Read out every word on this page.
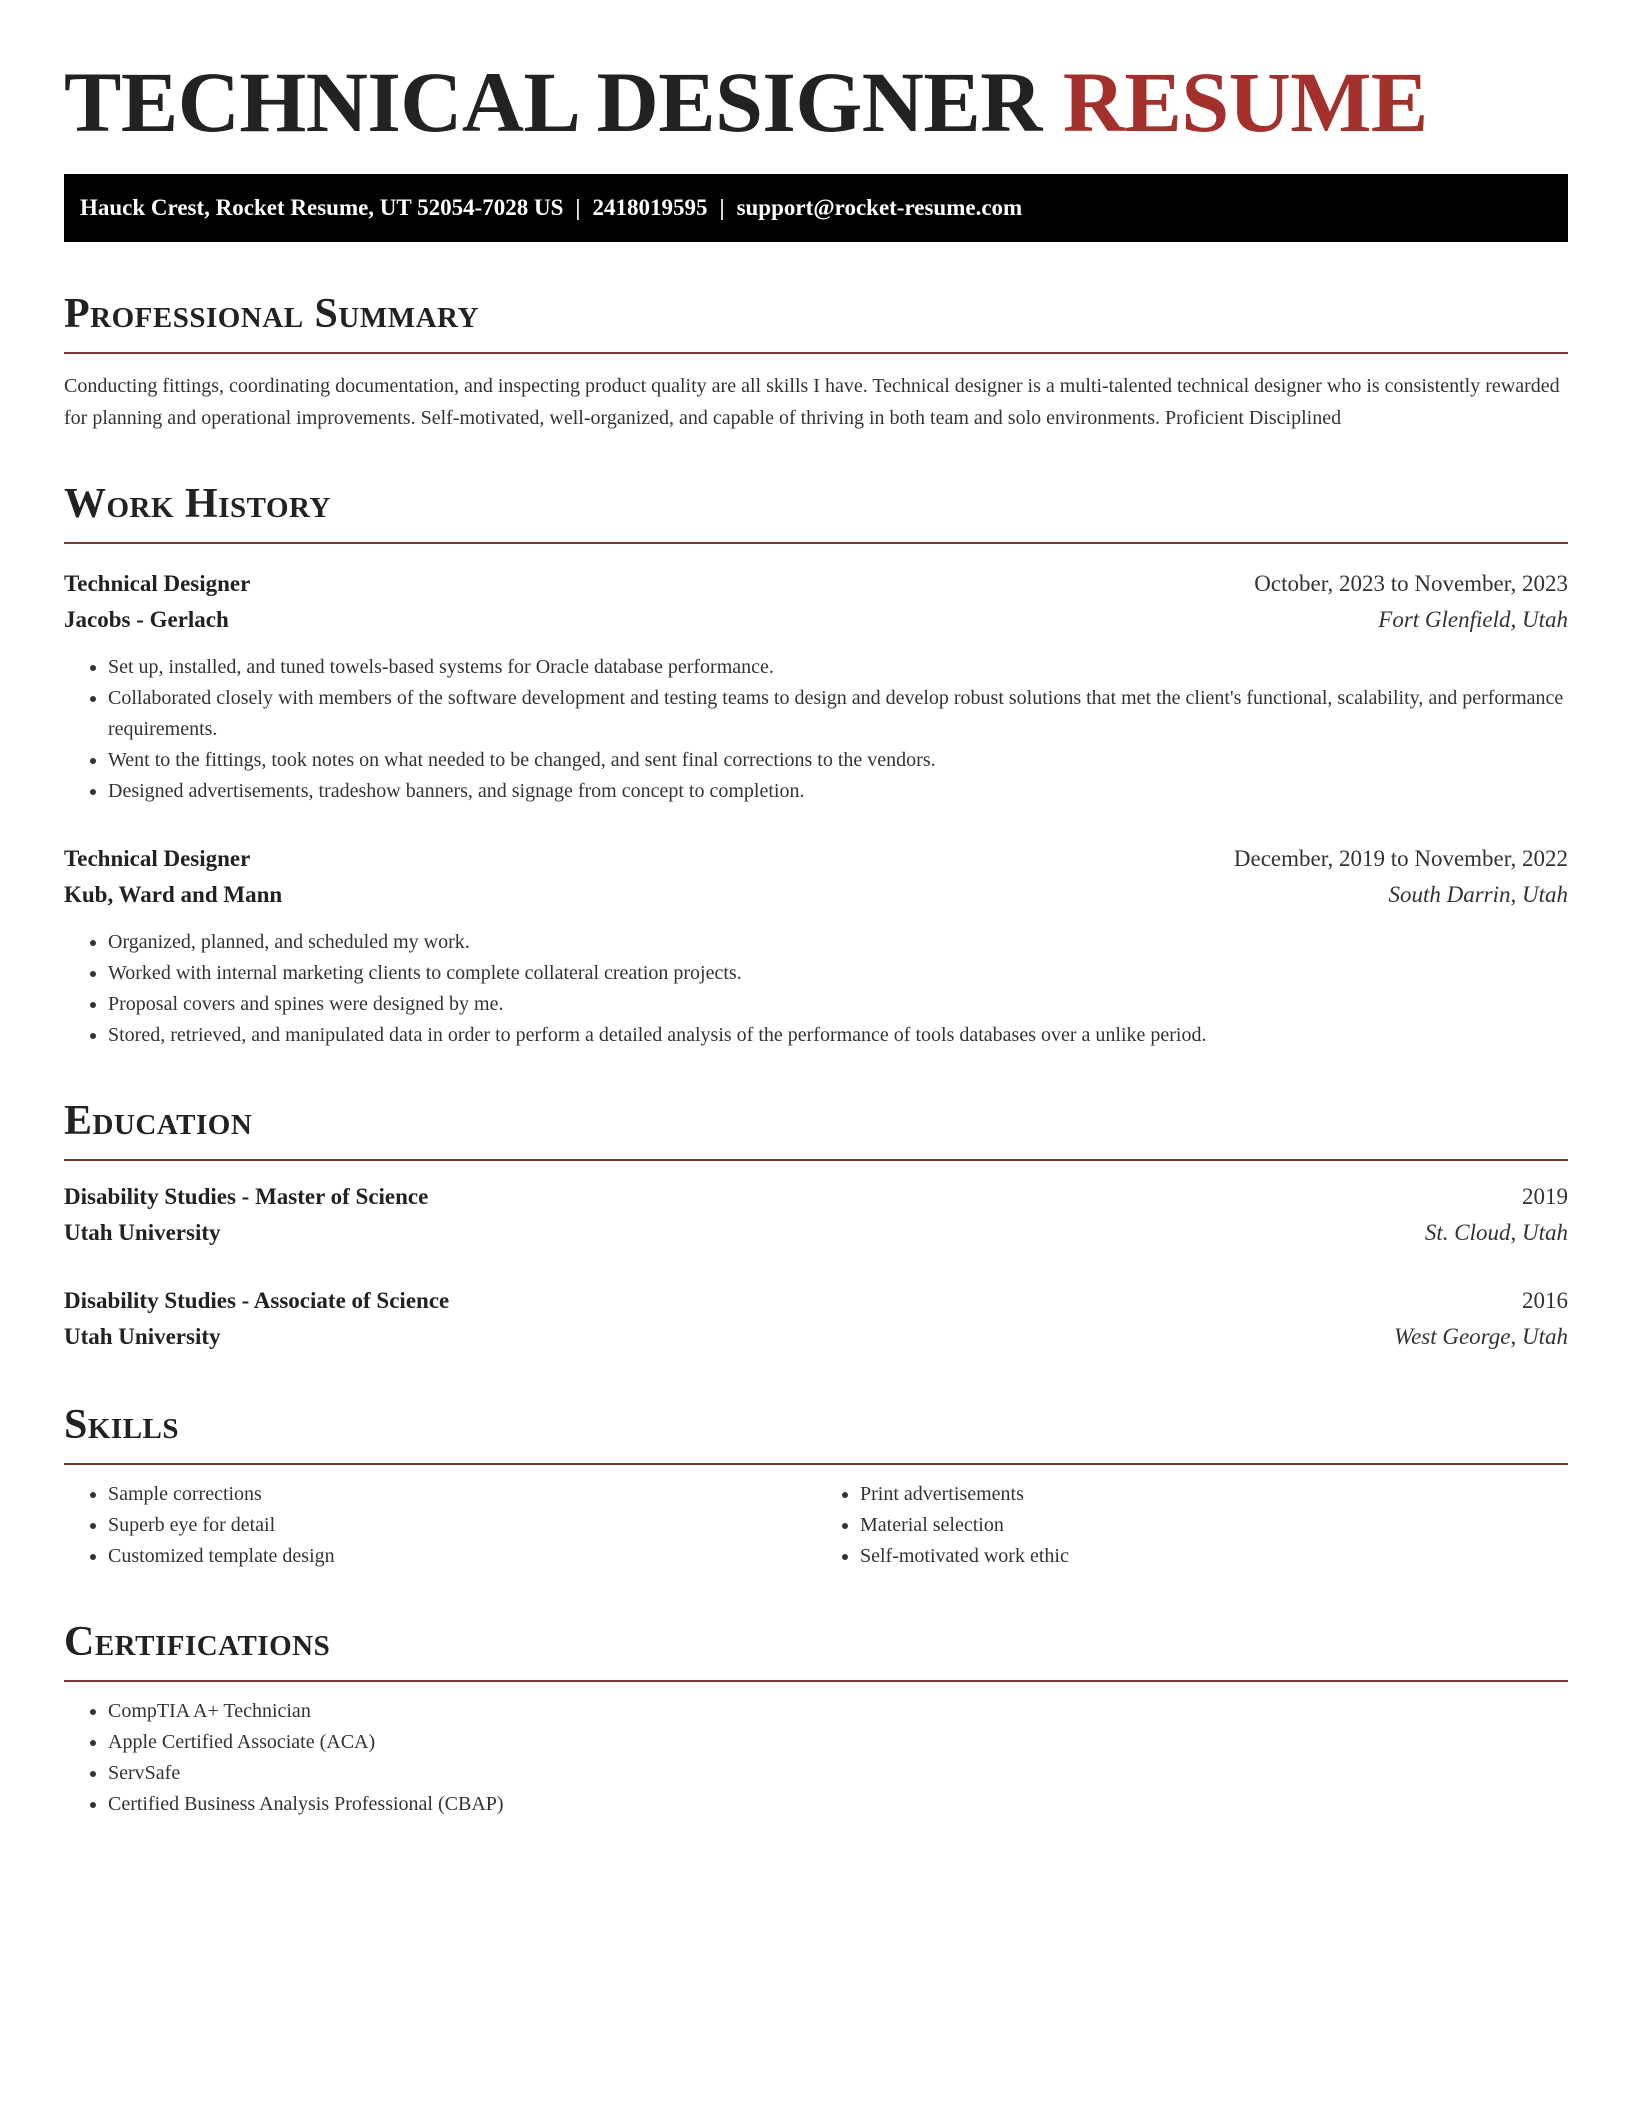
TECHNICAL DESIGNER RESUME
Hauck Crest, Rocket Resume, UT 52054-7028 US | 2418019595 | support@rocket-resume.com
Professional Summary
Conducting fittings, coordinating documentation, and inspecting product quality are all skills I have. Technical designer is a multi-talented technical designer who is consistently rewarded for planning and operational improvements. Self-motivated, well-organized, and capable of thriving in both team and solo environments. Proficient Disciplined
Work History
Technical Designer	October, 2023 to November, 2023
Jacobs - Gerlach	Fort Glenfield, Utah
• Set up, installed, and tuned towels-based systems for Oracle database performance.
• Collaborated closely with members of the software development and testing teams to design and develop robust solutions that met the client's functional, scalability, and performance requirements.
• Went to the fittings, took notes on what needed to be changed, and sent final corrections to the vendors.
• Designed advertisements, tradeshow banners, and signage from concept to completion.
Technical Designer	December, 2019 to November, 2022
Kub, Ward and Mann	South Darrin, Utah
• Organized, planned, and scheduled my work.
• Worked with internal marketing clients to complete collateral creation projects.
• Proposal covers and spines were designed by me.
• Stored, retrieved, and manipulated data in order to perform a detailed analysis of the performance of tools databases over a unlike period.
Education
Disability Studies - Master of Science	2019
Utah University	St. Cloud, Utah
Disability Studies - Associate of Science	2016
Utah University	West George, Utah
Skills
• Sample corrections
• Superb eye for detail
• Customized template design
• Print advertisements
• Material selection
• Self-motivated work ethic
Certifications
• CompTIA A+ Technician
• Apple Certified Associate (ACA)
• ServSafe
• Certified Business Analysis Professional (CBAP)
